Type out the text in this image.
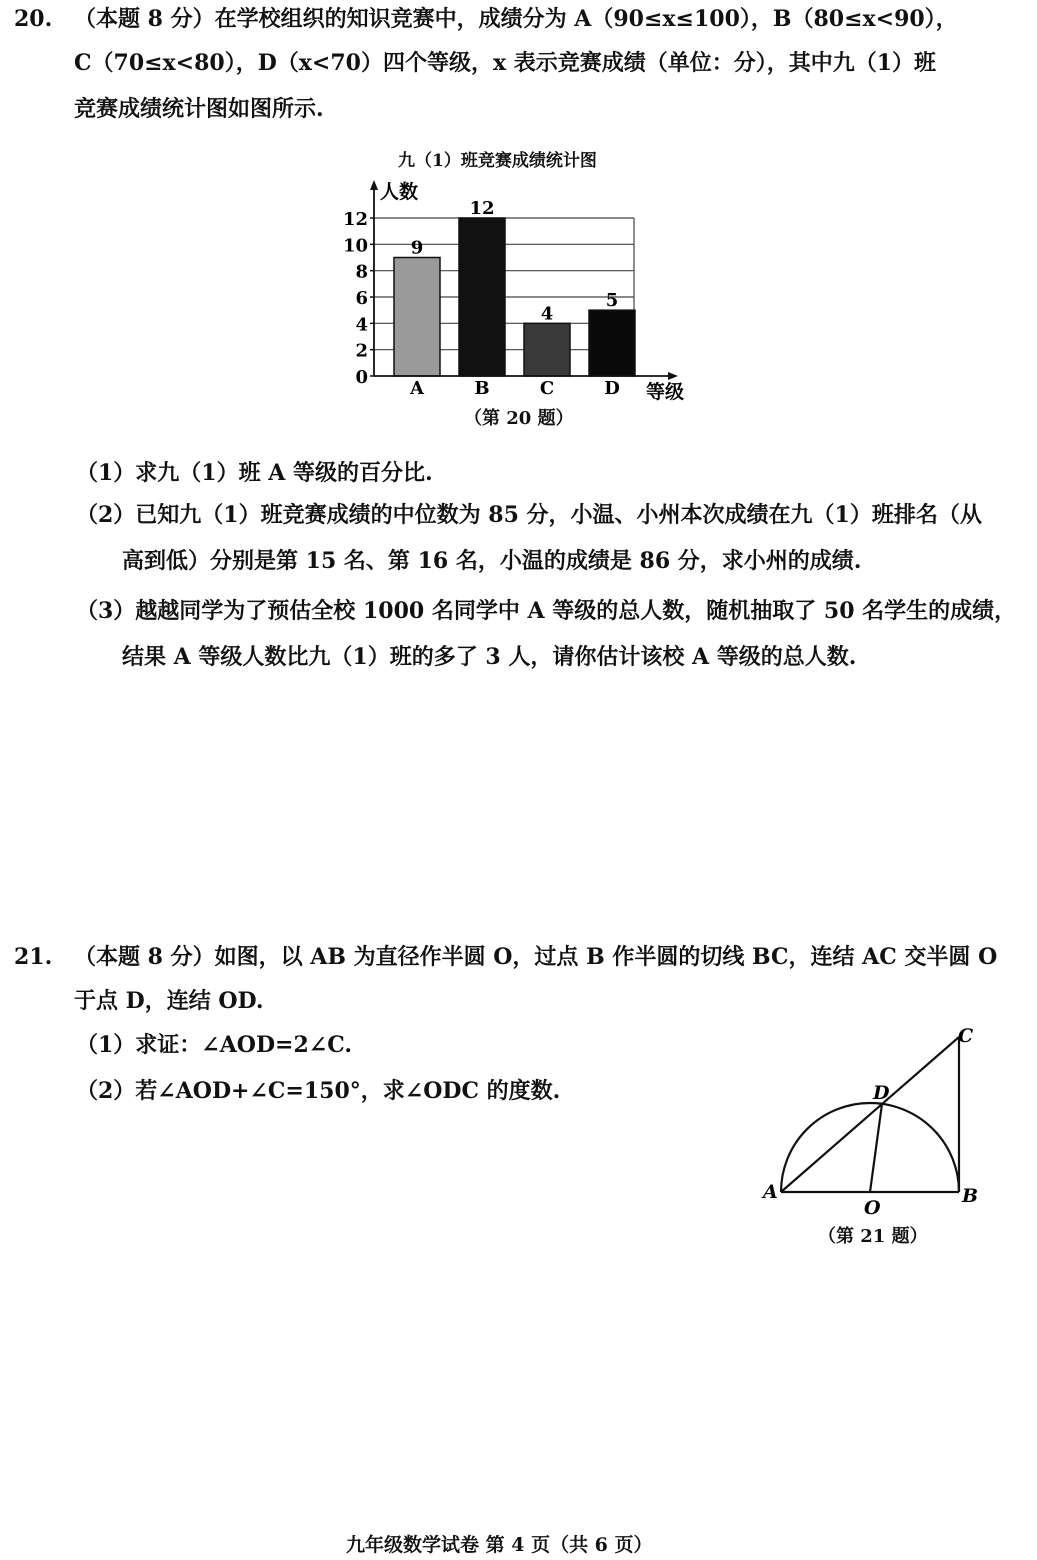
20. （本题 8 分）在学校组织的知识竞赛中，成绩分为 A（90≤x≤100），B（80≤x<90），
C（70≤x<80），D（x<70）四个等级，x 表示竞赛成绩（单位：分），其中九（1）班
竞赛成绩统计图如图所示.
九（1）班竞赛成绩统计图
0
2
4
6
8
10
12
A	B	C	D
9
12
4
5
人数
等级
（第 20 题）
（1）求九（1）班 A 等级的百分比.
（2）已知九（1）班竞赛成绩的中位数为 85 分，小温、小州本次成绩在九（1）班排名（从
高到低）分别是第 15 名、第 16 名，小温的成绩是 86 分，求小州的成绩.
（3）越越同学为了预估全校 1000 名同学中 A 等级的总人数，随机抽取了 50 名学生的成绩，
结果 A 等级人数比九（1）班的多了 3 人，请你估计该校 A 等级的总人数.
21. （本题 8 分）如图，以 AB 为直径作半圆 O，过点 B 作半圆的切线 BC，连结 AC 交半圆 O
于点 D，连结 OD.
（1）求证：∠AOD=2∠C.
（2）若∠AOD+∠C=150°，求∠ODC 的度数.
A	B
C
D
O
（第 21 题）
九年级数学试卷 第 4 页（共 6 页）
